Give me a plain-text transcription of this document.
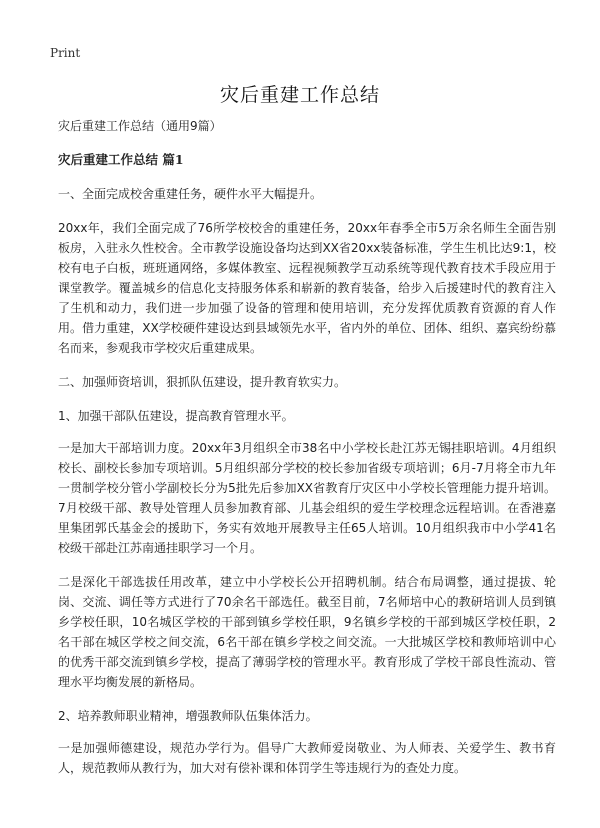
Print
灾后重建工作总结

灾后重建工作总结（通用9篇）

灾后重建工作总结 篇1

一、全面完成校舍重建任务，硬件水平大幅提升。

20xx年，我们全面完成了76所学校校舍的重建任务，20xx年春季全市5万余名师生全面告别板房，入驻永久性校舍。全市教学设施设备均达到XX省20xx装备标准，学生生机比达9:1，校校有电子白板，班班通网络，多媒体教室、远程视频教学互动系统等现代教育技术手段应用于课堂教学。覆盖城乡的信息化支持服务体系和崭新的教育装备，给步入后援建时代的教育注入了生机和动力，我们进一步加强了设备的管理和使用培训，充分发挥优质教育资源的育人作用。借力重建，XX学校硬件建设达到县域领先水平，省内外的单位、团体、组织、嘉宾纷纷慕名而来，参观我市学校灾后重建成果。

二、加强师资培训，狠抓队伍建设，提升教育软实力。

1、加强干部队伍建设，提高教育管理水平。

一是加大干部培训力度。20xx年3月组织全市38名中小学校长赴江苏无锡挂职培训。4月组织校长、副校长参加专项培训。5月组织部分学校的校长参加省级专项培训；6月-7月将全市九年一贯制学校分管小学副校长分为5批先后参加XX省教育厅灾区中小学校长管理能力提升培训。7月校级干部、教导处管理人员参加教育部、儿基会组织的爱生学校理念远程培训。在香港嘉里集团郭氏基金会的援助下，务实有效地开展教导主任65人培训。10月组织我市中小学41名校级干部赴江苏南通挂职学习一个月。

二是深化干部选拔任用改革，建立中小学校长公开招聘机制。结合布局调整，通过提拔、轮岗、交流、调任等方式进行了70余名干部选任。截至目前，7名师培中心的教研培训人员到镇乡学校任职，10名城区学校的干部到镇乡学校任职，9名镇乡学校的干部到城区学校任职，2名干部在城区学校之间交流，6名干部在镇乡学校之间交流。一大批城区学校和教师培训中心的优秀干部交流到镇乡学校，提高了薄弱学校的管理水平。教育形成了学校干部良性流动、管理水平均衡发展的新格局。

2、培养教师职业精神，增强教师队伍集体活力。

一是加强师德建设，规范办学行为。倡导广大教师爱岗敬业、为人师表、关爱学生、教书育人，规范教师从教行为，加大对有偿补课和体罚学生等违规行为的查处力度。
